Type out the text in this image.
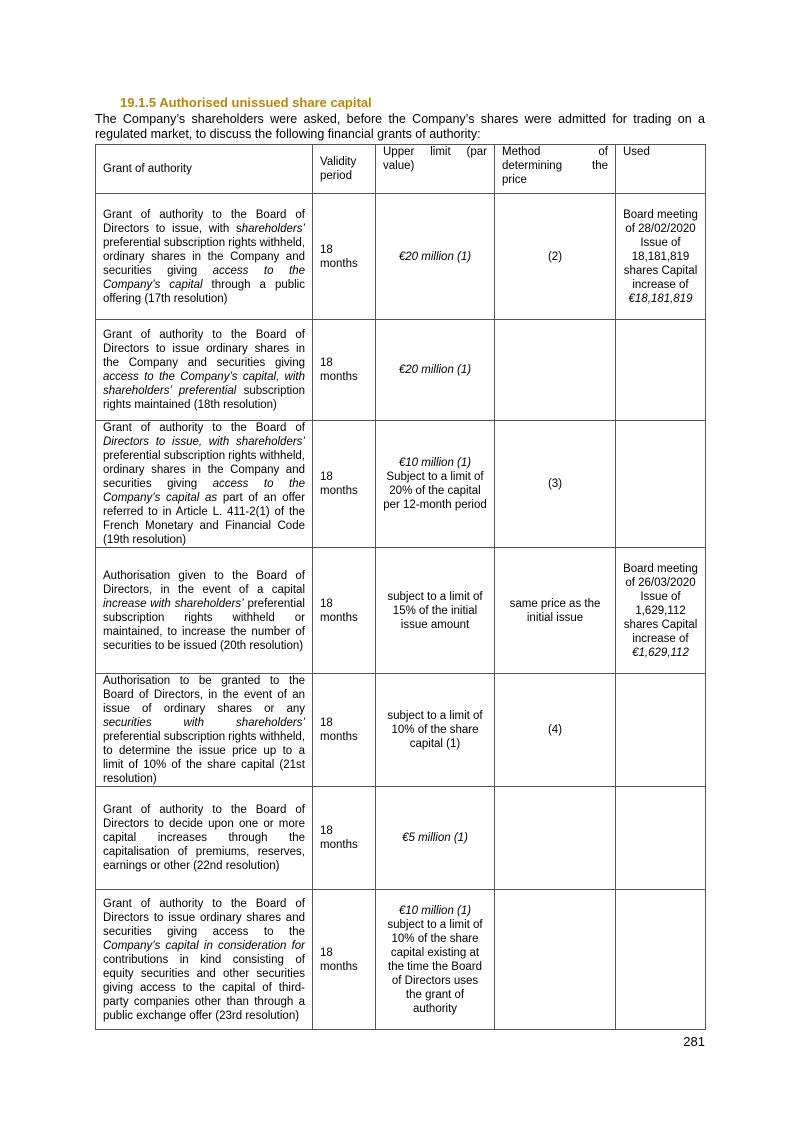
19.1.5 Authorised unissued share capital
The Company’s shareholders were asked, before the Company’s shares were admitted for trading on a regulated market, to discuss the following financial grants of authority:
Grant of authority	Validity period	Upper limit (par value)	Method of determining the price	Used
Grant of authority to the Board of Directors to issue, with shareholders’ preferential subscription rights withheld, ordinary shares in the Company and securities giving access to the Company’s capital through a public offering (17th resolution)	18 months	€20 million (1)	(2)	Board meeting of 28/02/2020 Issue of 18,181,819 shares Capital increase of
€18,181,819
Grant of authority to the Board of Directors to issue ordinary shares in the Company and securities giving access to the Company’s capital, with shareholders’ preferential subscription rights maintained (18th resolution)	18 months	€20 million (1)		
Grant of authority to the Board of Directors to issue, with shareholders’ preferential subscription rights withheld, ordinary shares in the Company and securities giving access to the Company’s capital as part of an offer referred to in Article L. 411-2(1) of the French Monetary and Financial Code (19th resolution)	18 months	€10 million (1)
Subject to a limit of 20% of the capital per 12-month period	(3)	
Authorisation given to the Board of Directors, in the event of a capital increase with shareholders’ preferential subscription rights withheld or maintained, to increase the number of securities to be issued (20th resolution)	18 months	subject to a limit of 15% of the initial issue amount	same price as the initial issue	Board meeting of 26/03/2020 Issue of 1,629,112 shares Capital increase of
€1,629,112
Authorisation to be granted to the Board of Directors, in the event of an issue of ordinary shares or any securities with shareholders’ preferential subscription rights withheld, to determine the issue price up to a limit of 10% of the share capital (21st resolution)	18 months	subject to a limit of 10% of the share capital (1)	(4)	
Grant of authority to the Board of Directors to decide upon one or more capital increases through the capitalisation of premiums, reserves, earnings or other (22nd resolution)	18 months	€5 million (1)		
Grant of authority to the Board of Directors to issue ordinary shares and securities giving access to the Company’s capital in consideration for contributions in kind consisting of equity securities and other securities giving access to the capital of third-party companies other than through a public exchange offer (23rd resolution)	18 months	€10 million (1)
subject to a limit of 10% of the share capital existing at the time the Board of Directors uses the grant of authority		
281
